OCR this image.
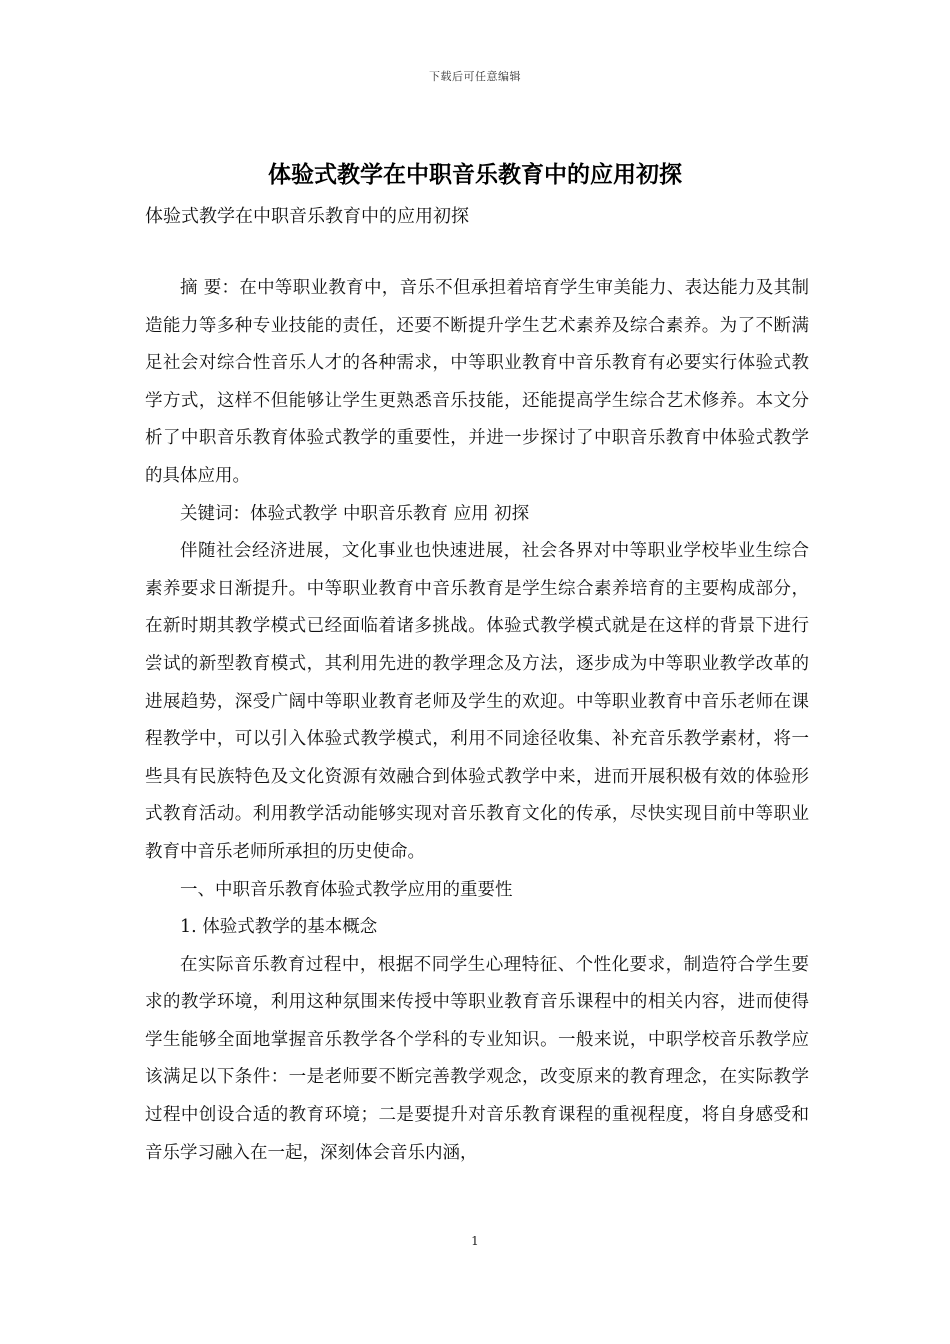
下载后可任意编辑
体验式教学在中职音乐教育中的应用初探
体验式教学在中职音乐教育中的应用初探

摘 要：在中等职业教育中，音乐不但承担着培育学生审美能力、表达能力及其制造能力等多种专业技能的责任，还要不断提升学生艺术素养及综合素养。为了不断满足社会对综合性音乐人才的各种需求，中等职业教育中音乐教育有必要实行体验式教学方式，这样不但能够让学生更熟悉音乐技能，还能提高学生综合艺术修养。本文分析了中职音乐教育体验式教学的重要性，并进一步探讨了中职音乐教育中体验式教学的具体应用。

关键词：体验式教学 中职音乐教育 应用 初探

伴随社会经济进展，文化事业也快速进展，社会各界对中等职业学校毕业生综合素养要求日渐提升。中等职业教育中音乐教育是学生综合素养培育的主要构成部分，在新时期其教学模式已经面临着诸多挑战。体验式教学模式就是在这样的背景下进行尝试的新型教育模式，其利用先进的教学理念及方法，逐步成为中等职业教学改革的进展趋势，深受广阔中等职业教育老师及学生的欢迎。中等职业教育中音乐老师在课程教学中，可以引入体验式教学模式，利用不同途径收集、补充音乐教学素材，将一些具有民族特色及文化资源有效融合到体验式教学中来，进而开展积极有效的体验形式教育活动。利用教学活动能够实现对音乐教育文化的传承，尽快实现目前中等职业教育中音乐老师所承担的历史使命。

一、中职音乐教育体验式教学应用的重要性

1. 体验式教学的基本概念

在实际音乐教育过程中，根据不同学生心理特征、个性化要求，制造符合学生要求的教学环境，利用这种氛围来传授中等职业教育音乐课程中的相关内容，进而使得学生能够全面地掌握音乐教学各个学科的专业知识。一般来说，中职学校音乐教学应该满足以下条件：一是老师要不断完善教学观念，改变原来的教育理念，在实际教学过程中创设合适的教育环境；二是要提升对音乐教育课程的重视程度，将自身感受和音乐学习融入在一起，深刻体会音乐内涵，

1
